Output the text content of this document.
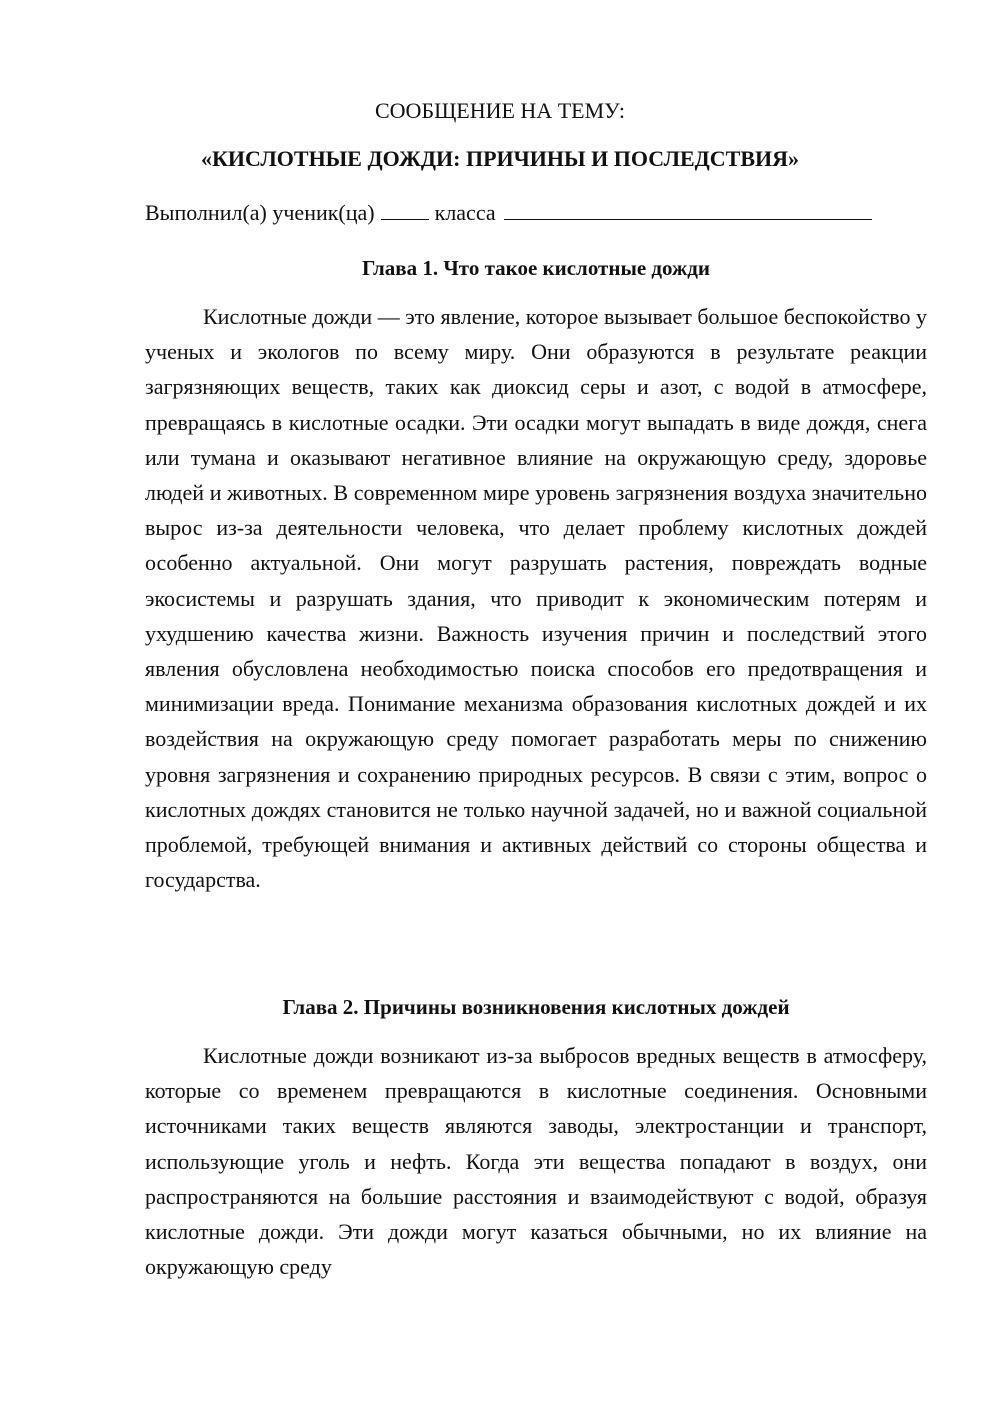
СООБЩЕНИЕ НА ТЕМУ:
«КИСЛОТНЫЕ ДОЖДИ: ПРИЧИНЫ И ПОСЛЕДСТВИЯ»
Выполнил(а) ученик(ца)	класса
Глава 1. Что такое кислотные дожди

Кислотные дожди — это явление, которое вызывает большое беспокойство у ученых и экологов по всему миру. Они образуются в результате реакции загрязняющих веществ, таких как диоксид серы и азот, с водой в атмосфере, превращаясь в кислотные осадки. Эти осадки могут выпадать в виде дождя, снега или тумана и оказывают негативное влияние на окружающую среду, здоровье людей и животных. В современном мире уровень загрязнения воздуха значительно вырос из-за деятельности человека, что делает проблему кислотных дождей особенно актуальной. Они могут разрушать растения, повреждать водные экосистемы и разрушать здания, что приводит к экономическим потерям и ухудшению качества жизни. Важность изучения причин и последствий этого явления обусловлена необходимостью поиска способов его предотвращения и минимизации вреда. Понимание механизма образования кислотных дождей и их воздействия на окружающую среду помогает разработать меры по снижению уровня загрязнения и сохранению природных ресурсов. В связи с этим, вопрос о кислотных дождях становится не только научной задачей, но и важной социальной проблемой, требующей внимания и активных действий со стороны общества и государства.

Глава 2. Причины возникновения кислотных дождей

Кислотные дожди возникают из-за выбросов вредных веществ в атмосферу, которые со временем превращаются в кислотные соединения. Основными источниками таких веществ являются заводы, электростанции и транспорт, использующие уголь и нефть. Когда эти вещества попадают в воздух, они распространяются на большие расстояния и взаимодействуют с водой, образуя кислотные дожди. Эти дожди могут казаться обычными, но их влияние на окружающую среду
